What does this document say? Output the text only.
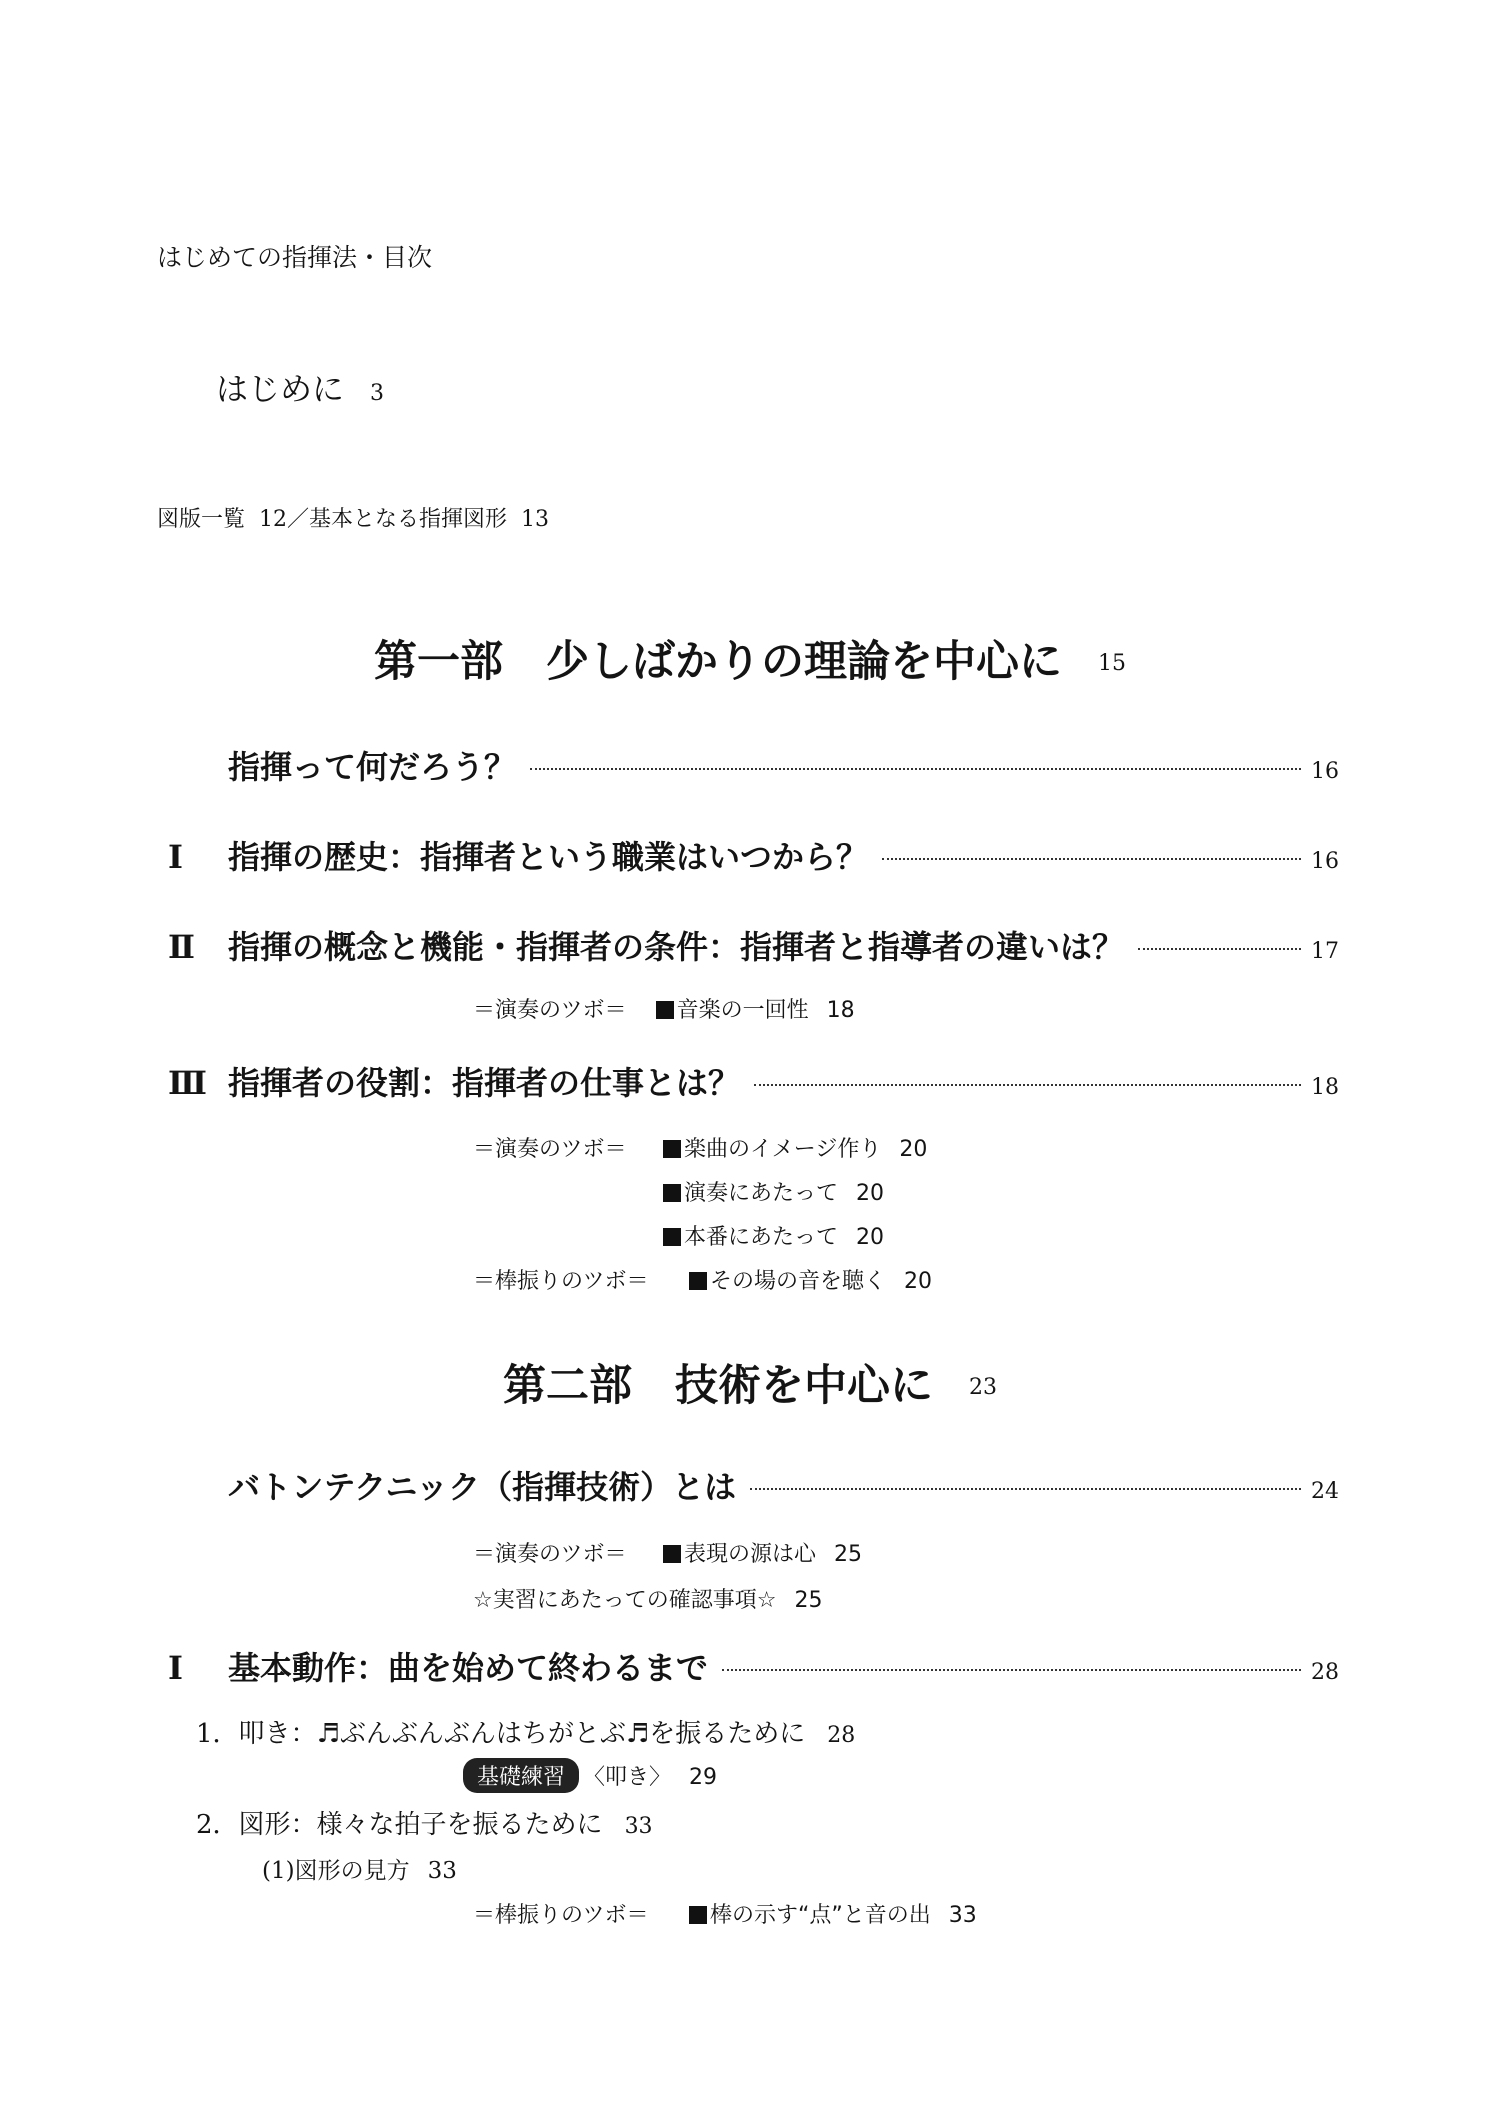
はじめての指揮法・目次
はじめに 3
図版一覧 12／基本となる指揮図形 13
第一部　少しばかりの理論を中心に 15
指揮って何だろう？	16
Ⅰ	指揮の歴史：指揮者という職業はいつから？	16
Ⅱ	指揮の概念と機能・指揮者の条件：指揮者と指導者の違いは？	17
＝演奏のツボ＝ 音楽の一回性 18
Ⅲ 指揮者の役割：指揮者の仕事とは？	18
＝演奏のツボ＝	楽曲のイメージ作り 20
演奏にあたって 20
本番にあたって 20
＝棒振りのツボ＝	その場の音を聴く 20
第二部　技術を中心に 23
バトンテクニック（指揮技術）とは	24
＝演奏のツボ＝	表現の源は心 25
☆実習にあたっての確認事項☆ 25
Ⅰ	基本動作：曲を始めて終わるまで	28
1．叩き：♬ぶんぶんぶんはちがとぶ♬を振るために 28
基礎練習 〈叩き〉 29
2．図形：様々な拍子を振るために 33
(1)図形の見方 33
＝棒振りのツボ＝	棒の示す“点”と音の出 33
